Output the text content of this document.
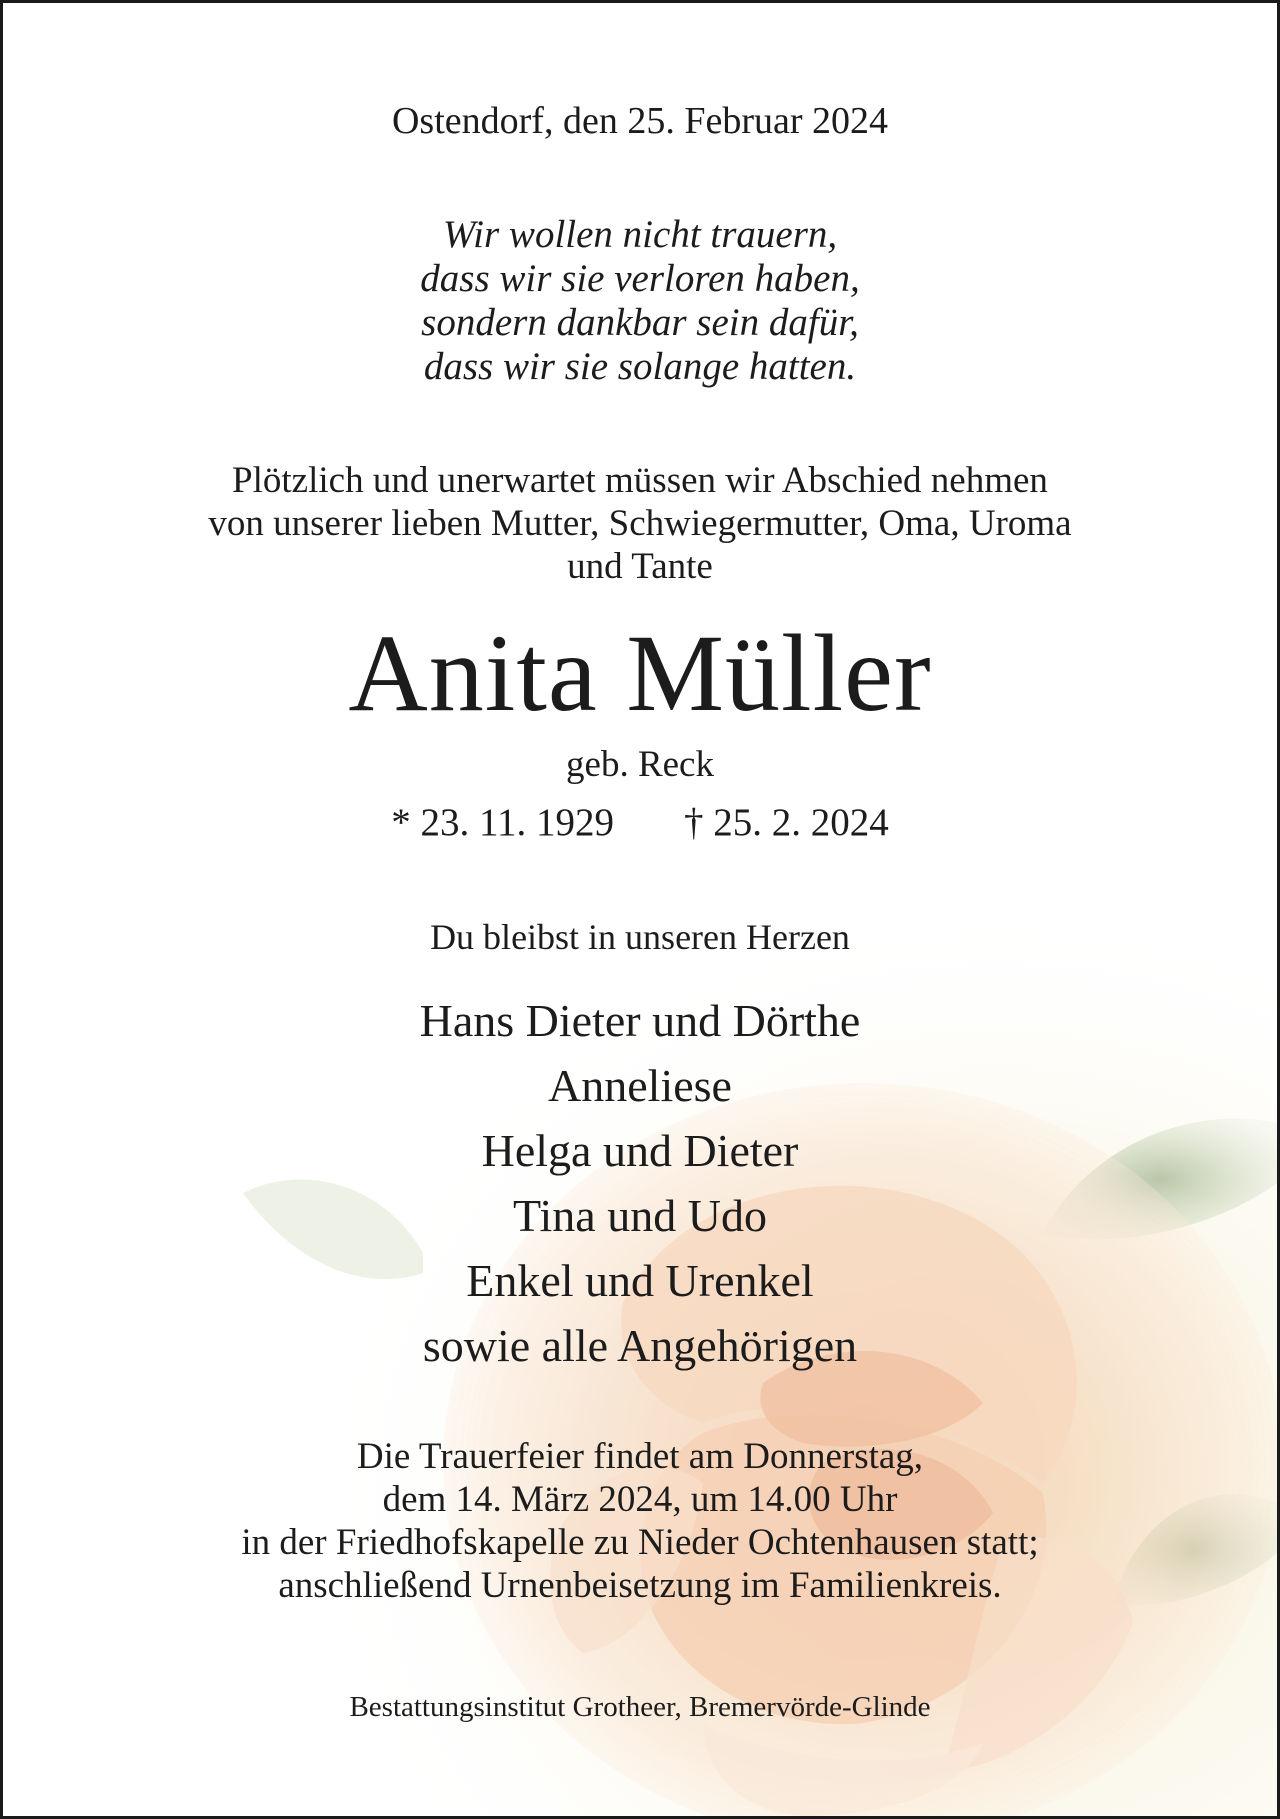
Ostendorf, den 25. Februar 2024
Wir wollen nicht trauern,
dass wir sie verloren haben,
sondern dankbar sein dafür,
dass wir sie solange hatten.
Plötzlich und unerwartet müssen wir Abschied nehmen
von unserer lieben Mutter, Schwiegermutter, Oma, Uroma
und Tante
Anita Müller
geb. Reck
* 23. 11. 1929 † 25. 2. 2024
Du bleibst in unseren Herzen
Hans Dieter und Dörthe
Anneliese
Helga und Dieter
Tina und Udo
Enkel und Urenkel
sowie alle Angehörigen
Die Trauerfeier findet am Donnerstag,
dem 14. März 2024, um 14.00 Uhr
in der Friedhofskapelle zu Nieder Ochtenhausen statt;
anschließend Urnenbeisetzung im Familienkreis.
Bestattungsinstitut Grotheer, Bremervörde-Glinde
